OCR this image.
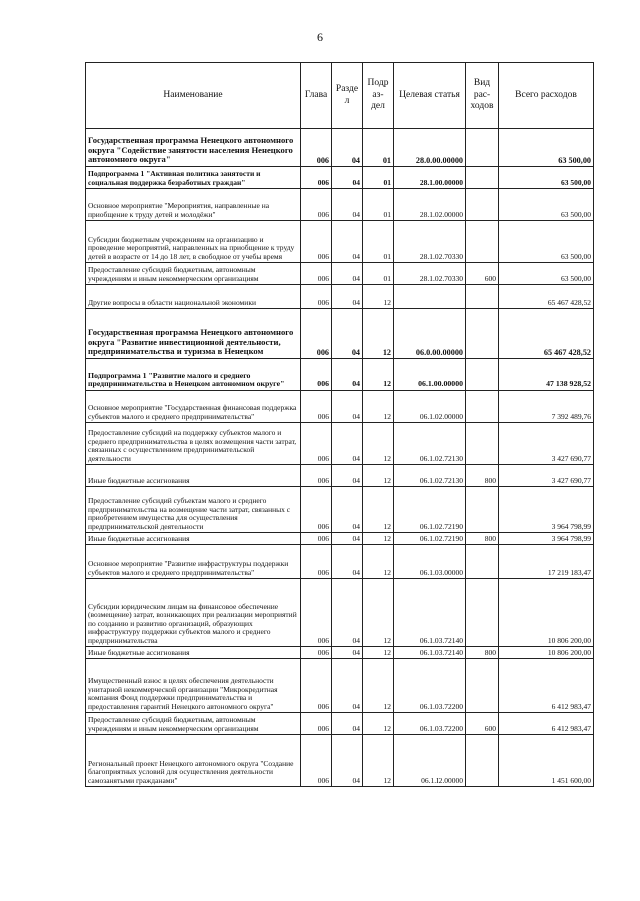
6
Наименование	Глава	Разде л	Подр аз- дел	Целевая статья	Вид рас- ходов	Всего расходов
Государственная программа Ненецкого автономного округа "Содействие занятости населения Ненецкого автономного округа"	006	04	01	28.0.00.00000		63 500,00
Подпрограмма 1 "Активная политика занятости и социальная поддержка безработных граждан"	006	04	01	28.1.00.00000		63 500,00
Основное мероприятие "Мероприятия, направленные на приобщение к труду детей и молодёжи"	006	04	01	28.1.02.00000		63 500,00
Субсидии бюджетным учреждениям на организацию и проведение мероприятий, направленных на приобщение к труду детей в возрасте от 14 до 18 лет, в свободное от учебы время	006	04	01	28.1.02.70330		63 500,00
Предоставление субсидий бюджетным, автономным учреждениям и иным некоммерческим организациям	006	04	01	28.1.02.70330	600	63 500,00
Другие вопросы в области национальной экономики	006	04	12			65 467 428,52
Государственная программа Ненецкого автономного округа "Развитие инвестиционной деятельности, предпринимательства и туризма в Ненецком	006	04	12	06.0.00.00000		65 467 428,52
Подпрограмма 1 "Развитие малого и среднего предпринимательства в Ненецком автономном округе"	006	04	12	06.1.00.00000		47 138 928,52
Основное мероприятие "Государственная финансовая поддержка субъектов малого и среднего предпринимательства"	006	04	12	06.1.02.00000		7 392 489,76
Предоставление субсидий на поддержку субъектов малого и среднего предпринимательства в целях возмещения части затрат, связанных с осуществлением предпринимательской деятельности	006	04	12	06.1.02.72130		3 427 690,77
Иные бюджетные ассигнования	006	04	12	06.1.02.72130	800	3 427 690,77
Предоставление субсидий субъектам малого и среднего предпринимательства на возмещение части затрат, связанных с приобретением имущества для осуществления предпринимательской деятельности	006	04	12	06.1.02.72190		3 964 798,99
Иные бюджетные ассигнования	006	04	12	06.1.02.72190	800	3 964 798,99
Основное мероприятие "Развитие инфраструктуры поддержки субъектов малого и среднего предпринимательства"	006	04	12	06.1.03.00000		17 219 183,47
Субсидии юридическим лицам на финансовое обеспечение (возмещение) затрат, возникающих при реализации мероприятий по созданию и развитию организаций, образующих инфраструктуру поддержки субъектов малого и среднего предпринимательства	006	04	12	06.1.03.72140		10 806 200,00
Иные бюджетные ассигнования	006	04	12	06.1.03.72140	800	10 806 200,00
Имущественный взнос в целях обеспечения деятельности унитарной некоммерческой организации "Микрокредитная компания Фонд поддержки предпринимательства и предоставления гарантий Ненецкого автономного округа"	006	04	12	06.1.03.72200		6 412 983,47
Предоставление субсидий бюджетным, автономным учреждениям и иным некоммерческим организациям	006	04	12	06.1.03.72200	600	6 412 983,47
Региональный проект Ненецкого автономного округа "Создание благоприятных условий для осуществления деятельности самозанятыми гражданами"	006	04	12	06.1.I2.00000		1 451 600,00
